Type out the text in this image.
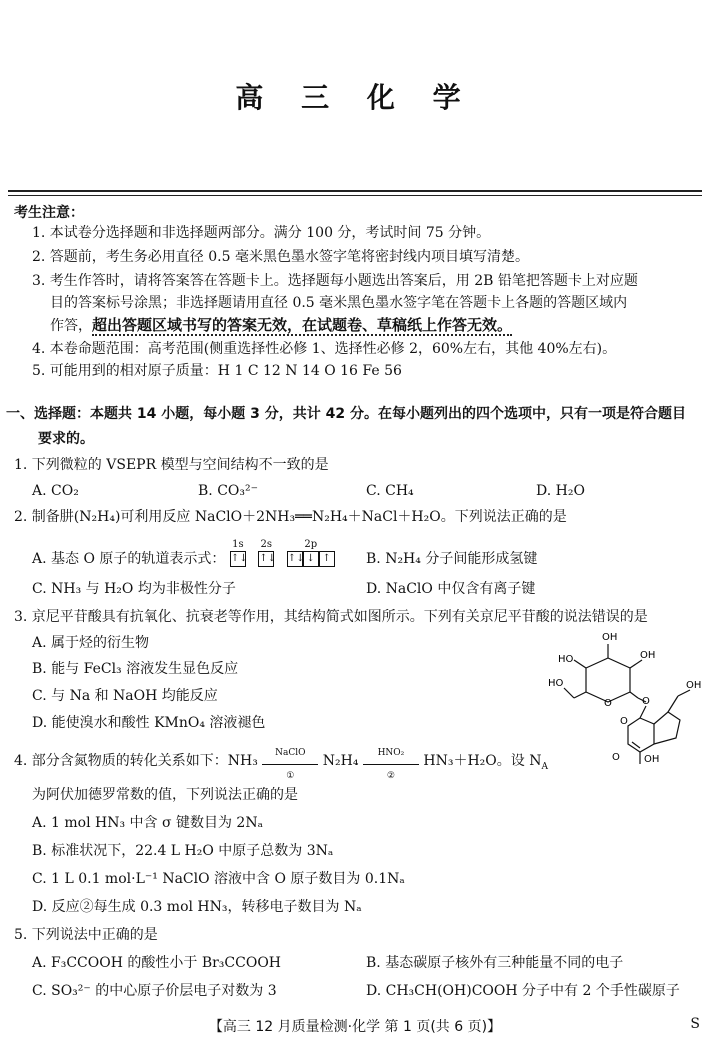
高 三 化 学
考生注意：
1. 本试卷分选择题和非选择题两部分。满分 100 分，考试时间 75 分钟。
2. 答题前，考生务必用直径 0.5 毫米黑色墨水签字笔将密封线内项目填写清楚。
3. 考生作答时，请将答案答在答题卡上。选择题每小题选出答案后，用 2B 铅笔把答题卡上对应题
目的答案标号涂黑；非选择题请用直径 0.5 毫米黑色墨水签字笔在答题卡上各题的答题区域内
作答，超出答题区域书写的答案无效，在试题卷、草稿纸上作答无效。
4. 本卷命题范围：高考范围(侧重选择性必修 1、选择性必修 2，60%左右，其他 40%左右)。
5. 可能用到的相对原子质量：H 1 C 12 N 14 O 16 Fe 56
一、选择题：本题共 14 小题，每小题 3 分，共计 42 分。在每小题列出的四个选项中，只有一项是符合题目
要求的。
1. 下列微粒的 VSEPR 模型与空间结构不一致的是
A. CO₂	B. CO₃²⁻	C. CH₄	D. H₂O
2. 制备肼(N₂H₄)可利用反应 NaClO＋2NH₃══N₂H₄＋NaCl＋H₂O。下列说法正确的是
A. 基态 O 原子的轨道表示式：
1s
↑↓
2s
↑↓
2p
↑↓ ↓ ↑	B. N₂H₄ 分子间能形成氢键
C. NH₃ 与 H₂O 均为非极性分子	D. NaClO 中仅含有离子键
3. 京尼平苷酸具有抗氧化、抗衰老等作用，其结构简式如图所示。下列有关京尼平苷酸的说法错误的是
A. 属于烃的衍生物
B. 能与 FeCl₃ 溶液发生显色反应
C. 与 Na 和 NaOH 均能反应
D. 能使溴水和酸性 KMnO₄ 溶液褪色
OH
HO	OH
HO
O	O
OH
O
O OH
4. 部分含氮物质的转化关系如下：NH₃
NaClO
①
N₂H₄
HNO₂
②
HN₃＋H₂O。设 $N_A$
为阿伏加德罗常数的值，下列说法正确的是
A. 1 mol HN₃ 中含 σ 键数目为 2Nₐ
B. 标准状况下，22.4 L H₂O 中原子总数为 3Nₐ
C. 1 L 0.1 mol·L⁻¹ NaClO 溶液中含 O 原子数目为 0.1Nₐ
D. 反应②每生成 0.3 mol HN₃，转移电子数目为 Nₐ
5. 下列说法中正确的是
A. F₃CCOOH 的酸性小于 Br₃CCOOH	B. 基态碳原子核外有三种能量不同的电子
C. SO₃²⁻ 的中心原子价层电子对数为 3	D. CH₃CH(OH)COOH 分子中有 2 个手性碳原子
【高三 12 月质量检测·化学 第 1 页(共 6 页)】	S
